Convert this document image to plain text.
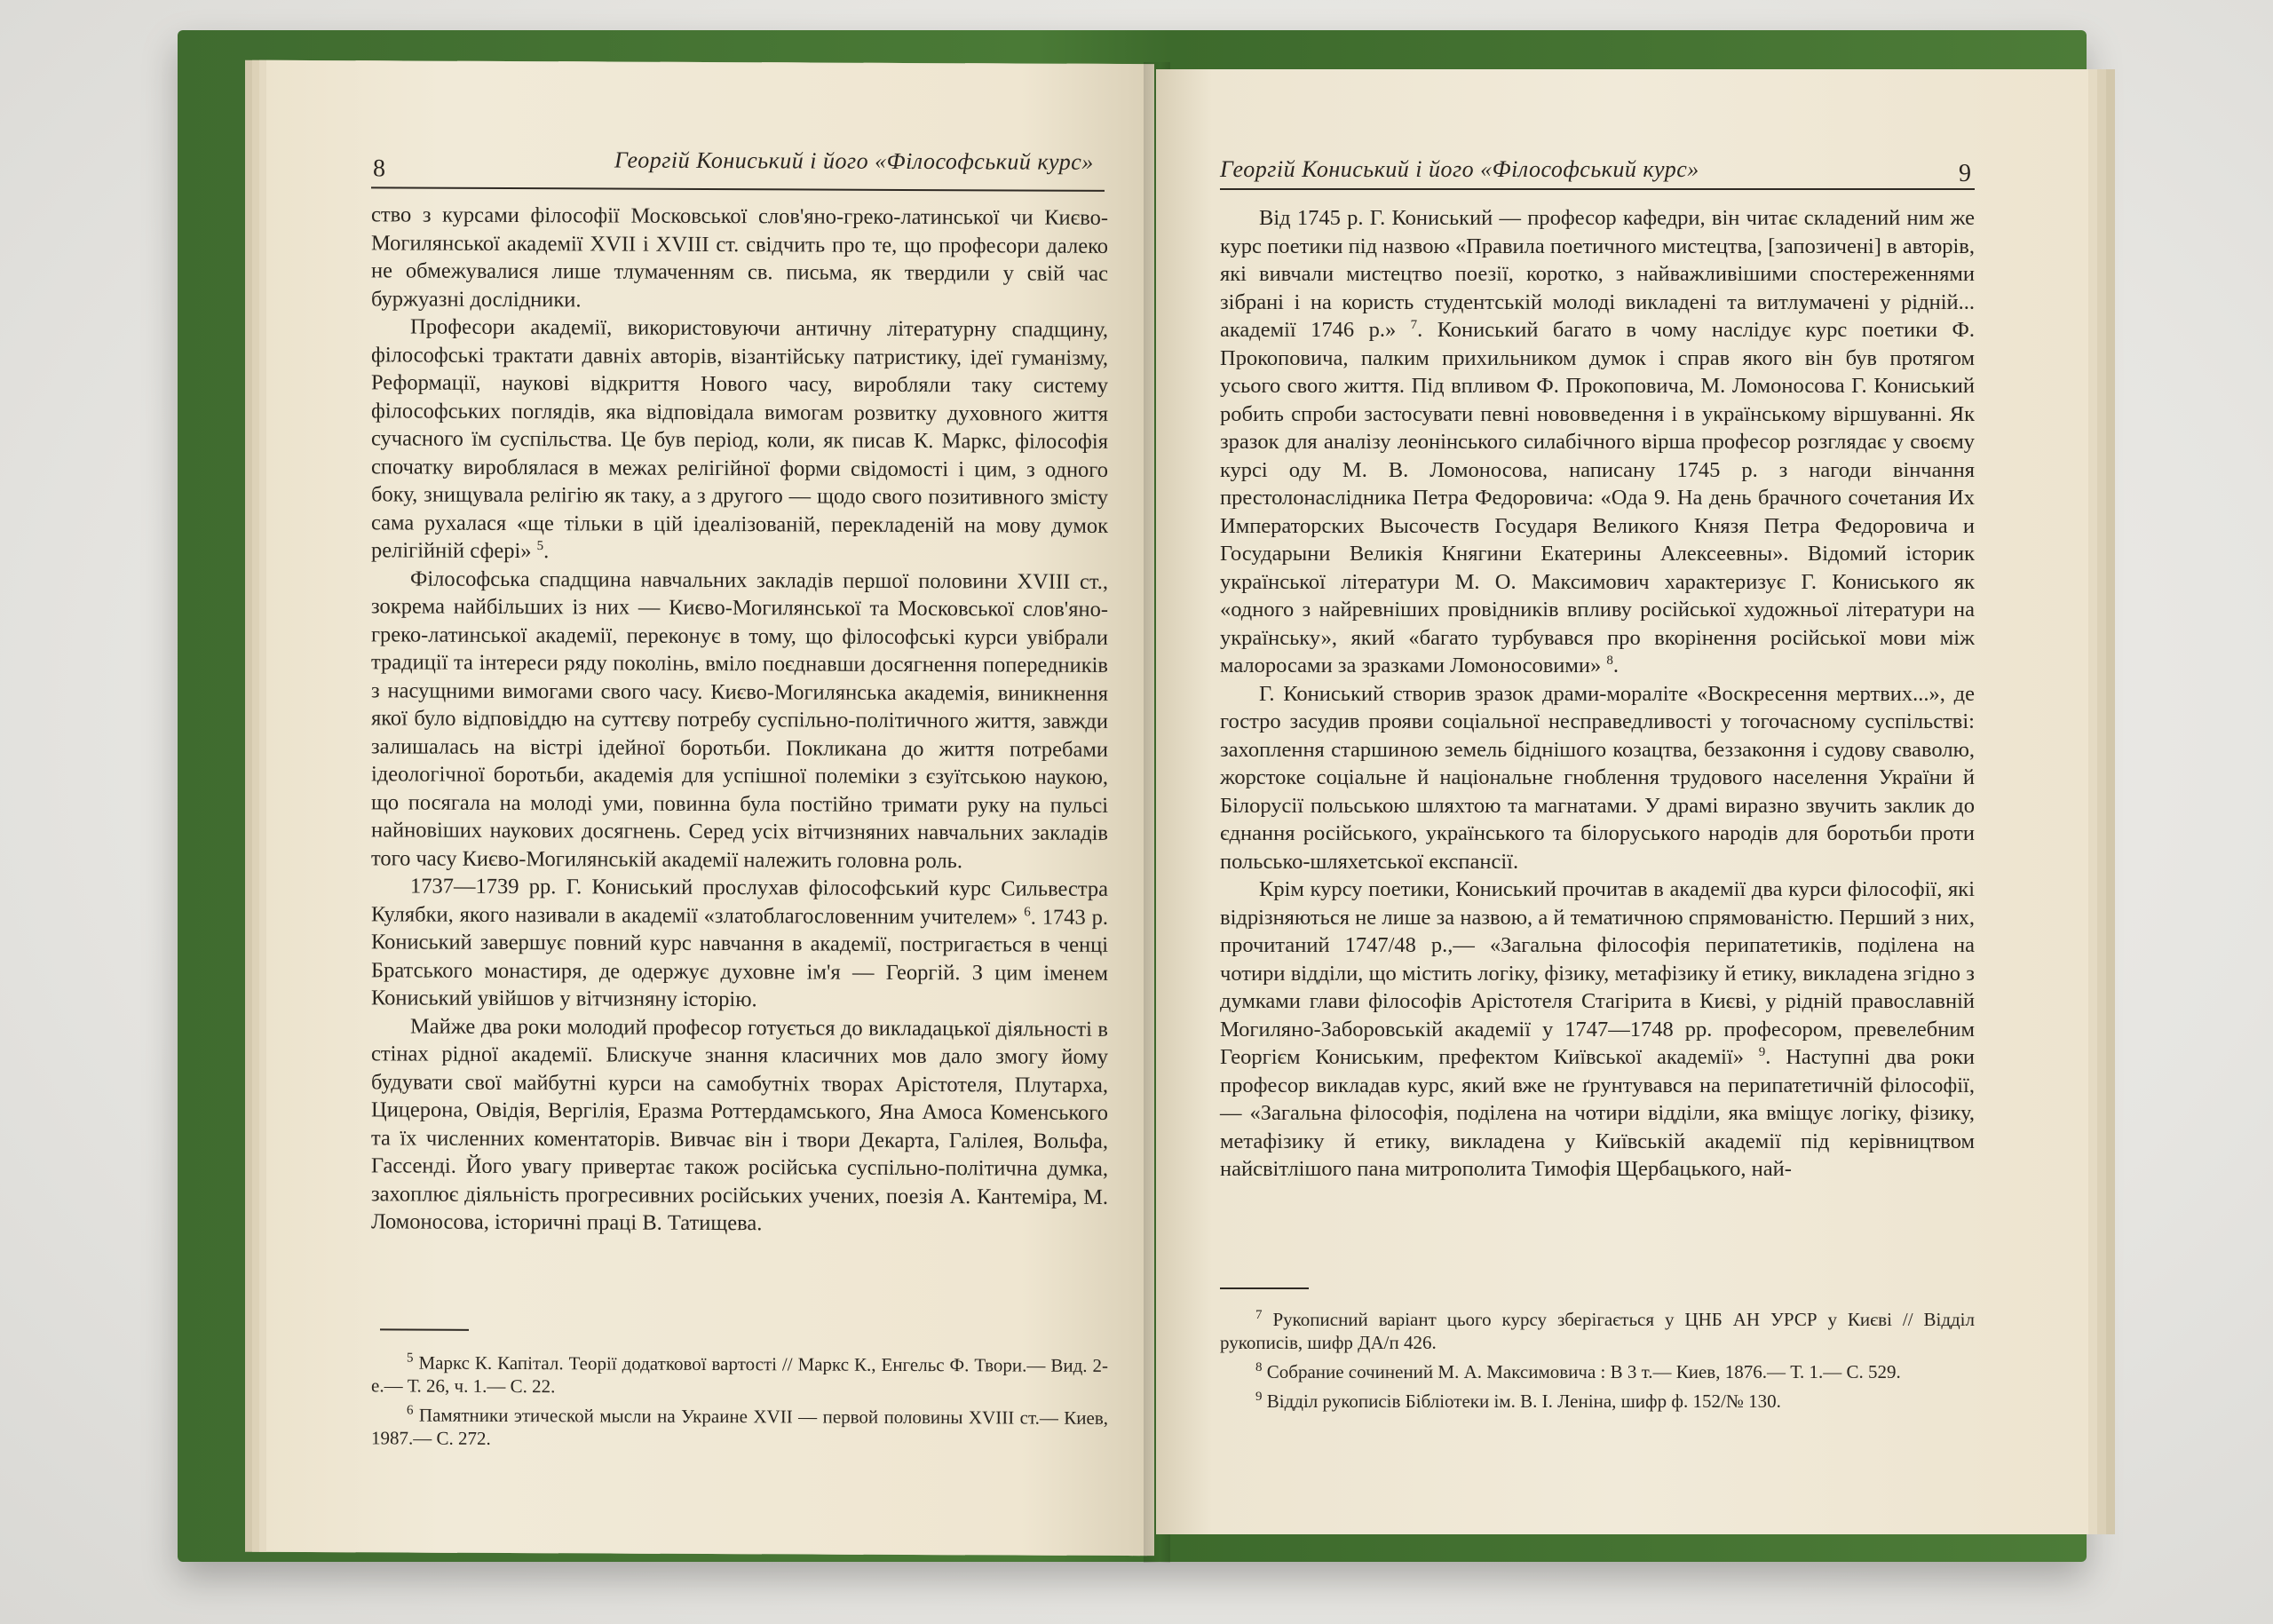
8	Георгій Кониський і його «Філософський курс»

ство з курсами філософії Московської слов'яно-греко-латинської чи Києво-Могилянської академії XVII і XVIII ст. свідчить про те, що професори далеко не обмежувалися лише тлумаченням св. письма, як твердили у свій час буржуазні дослідники.

Професори академії, використовуючи античну літературну спадщину, філософські трактати давніх авторів, візантійську патристику, ідеї гуманізму, Реформації, наукові відкриття Нового часу, виробляли таку систему філософських поглядів, яка відповідала вимогам розвитку духовного життя сучасного їм суспільства. Це був період, коли, як писав К. Маркс, філософія спочатку вироблялася в межах релігійної форми свідомості і цим, з одного боку, знищувала релігію як таку, а з другого — щодо свого позитивного змісту сама рухалася «ще тільки в цій ідеалізованій, перекладеній на мову думок релігійній сфері» $^5$.

Філософська спадщина навчальних закладів першої половини XVIII ст., зокрема найбільших із них — Києво-Могилянської та Московської слов'яно-греко-латинської академії, переконує в тому, що філософські курси увібрали традиції та інтереси ряду поколінь, вміло поєднавши досягнення попередників з насущними вимогами свого часу. Києво-Могилянська академія, виникнення якої було відповіддю на суттєву потребу суспільно-політичного життя, завжди залишалась на вістрі ідейної боротьби. Покликана до життя потребами ідеологічної боротьби, академія для успішної полеміки з єзуїтською наукою, що посягала на молоді уми, повинна була постійно тримати руку на пульсі найновіших наукових досягнень. Серед усіх вітчизняних навчальних закладів того часу Києво-Могилянській академії належить головна роль.

1737—1739 рр. Г. Кониський прослухав філософський курс Сильвестра Кулябки, якого називали в академії «златоблагословенним учителем» $^6$. 1743 р. Кониський завершує повний курс навчання в академії, постригається в ченці Братського монастиря, де одержує духовне ім'я — Георгій. З цим іменем Кониський увійшов у вітчизняну історію.

Майже два роки молодий професор готується до викладацької діяльності в стінах рідної академії. Блискуче знання класичних мов дало змогу йому будувати свої майбутні курси на самобутніх творах Арістотеля, Плутарха, Цицерона, Овідія, Вергілія, Еразма Роттердамського, Яна Амоса Коменського та їх численних коментаторів. Вивчає він і твори Декарта, Галілея, Вольфа, Гассенді. Його увагу привертає також російська суспільно-політична думка, захоплює діяльність прогресивних російських учених, поезія А. Кантеміра, М. Ломоносова, історичні праці В. Татищева.

$^5$ Маркс К. Капітал. Теорії додаткової вартості // Маркс К., Енгельс Ф. Твори.— Вид. 2-е.— Т. 26, ч. 1.— С. 22.

$^6$ Памятники этической мысли на Украине XVII — первой половины XVIII ст.— Киев, 1987.— С. 272.

Георгій Кониський і його «Філософський курс»	9

Від 1745 р. Г. Кониський — професор кафедри, він читає складений ним же курс поетики під назвою «Правила поетичного мистецтва, [запозичені] в авторів, які вивчали мистецтво поезії, коротко, з найважливішими спостереженнями зібрані і на користь студентській молоді викладені та витлумачені у рідній... академії 1746 р.» $^7$. Кониський багато в чому наслідує курс поетики Ф. Прокоповича, палким прихильником думок і справ якого він був протягом усього свого життя. Під впливом Ф. Прокоповича, М. Ломоносова Г. Кониський робить спроби застосувати певні нововведення і в українському віршуванні. Як зразок для аналізу леонінського силабічного вірша професор розглядає у своєму курсі оду М. В. Ломоносова, написану 1745 р. з нагоди вінчання престолонаслідника Петра Федоровича: «Ода 9. На день брачного сочетания Их Императорских Высочеств Государя Великого Князя Петра Федоровича и Государыни Великія Княгини Екатерины Алексеевны». Відомий історик української літератури М. О. Максимович характеризує Г. Кониського як «одного з найревніших провідників впливу російської художньої літератури на українську», який «багато турбувався про вкорінення російської мови між малоросами за зразками Ломоносовими» $^8$.

Г. Кониський створив зразок драми-мораліте «Воскресення мертвих...», де гостро засудив прояви соціальної несправедливості у тогочасному суспільстві: захоплення старшиною земель біднішого козацтва, беззаконня і судову сваволю, жорстоке соціальне й національне гноблення трудового населення України й Білорусії польською шляхтою та магнатами. У драмі виразно звучить заклик до єднання російського, українського та білоруського народів для боротьби проти польсько-шляхетської експансії.

Крім курсу поетики, Кониський прочитав в академії два курси філософії, які відрізняються не лише за назвою, а й тематичною спрямованістю. Перший з них, прочитаний 1747/48 р.,— «Загальна філософія перипатетиків, поділена на чотири відділи, що містить логіку, фізику, метафізику й етику, викладена згідно з думками глави філософів Арістотеля Стагірита в Києві, у рідній православній Могиляно-Заборовській академії у 1747—1748 рр. професором, превелебним Георгієм Кониським, префектом Київської академії» $^9$. Наступні два роки професор викладав курс, який вже не ґрунтувався на перипатетичній філософії,— «Загальна філософія, поділена на чотири відділи, яка вміщує логіку, фізику, метафізику й етику, викладена у Київській академії під керівництвом найсвітлішого пана митрополита Тимофія Щербацького, най-

$^7$ Рукописний варіант цього курсу зберігається у ЦНБ АН УРСР у Києві // Відділ рукописів, шифр ДА/п 426.

$^8$ Собрание сочинений М. А. Максимовича : В 3 т.— Киев, 1876.— Т. 1.— С. 529.

$^9$ Відділ рукописів Бібліотеки ім. В. І. Леніна, шифр ф. 152/№ 130.
